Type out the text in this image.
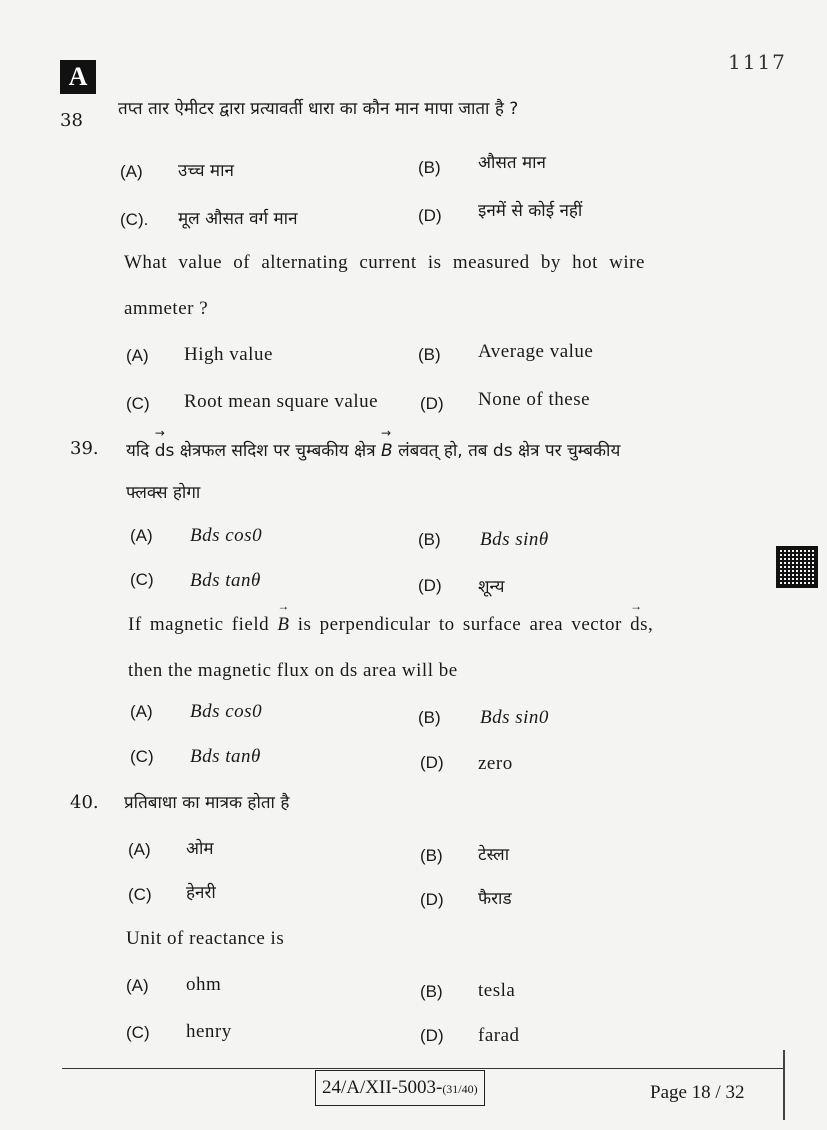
A	1117
38
तप्त तार ऐमीटर द्वारा प्रत्यावर्ती धारा का कौन मान मापा जाता है ?
(A) उच्च मान	(B) औसत मान
(C). मूल औसत वर्ग मान	(D) इनमें से कोई नहीं
What value of alternating current is measured by hot wire
ammeter ?
(A) High value	(B) Average value
(C) Root mean square value (D) None of these
39. यदि → ds क्षेत्रफल सदिश पर चुम्बकीय क्षेत्र → B लंबवत् हो, तब ds क्षेत्र पर चुम्बकीय
फ्लक्स होगा
(A) Bds cos0	(B) Bds sinθ
(C) Bds tanθ	(D) शून्य
If magnetic field → B is perpendicular to surface area vector → ds,
then the magnetic flux on ds area will be
(A) Bds cos0	(B) Bds sin0
(C) Bds tanθ	(D) zero
40. प्रतिबाधा का मात्रक होता है
(A) ओम	(B) टेस्ला
(C) हेनरी	(D) फैराड
Unit of reactance is
(A) ohm	(B) tesla
(C) henry	(D) farad
24/A/XII-5003-(31/40)	Page 18 / 32
